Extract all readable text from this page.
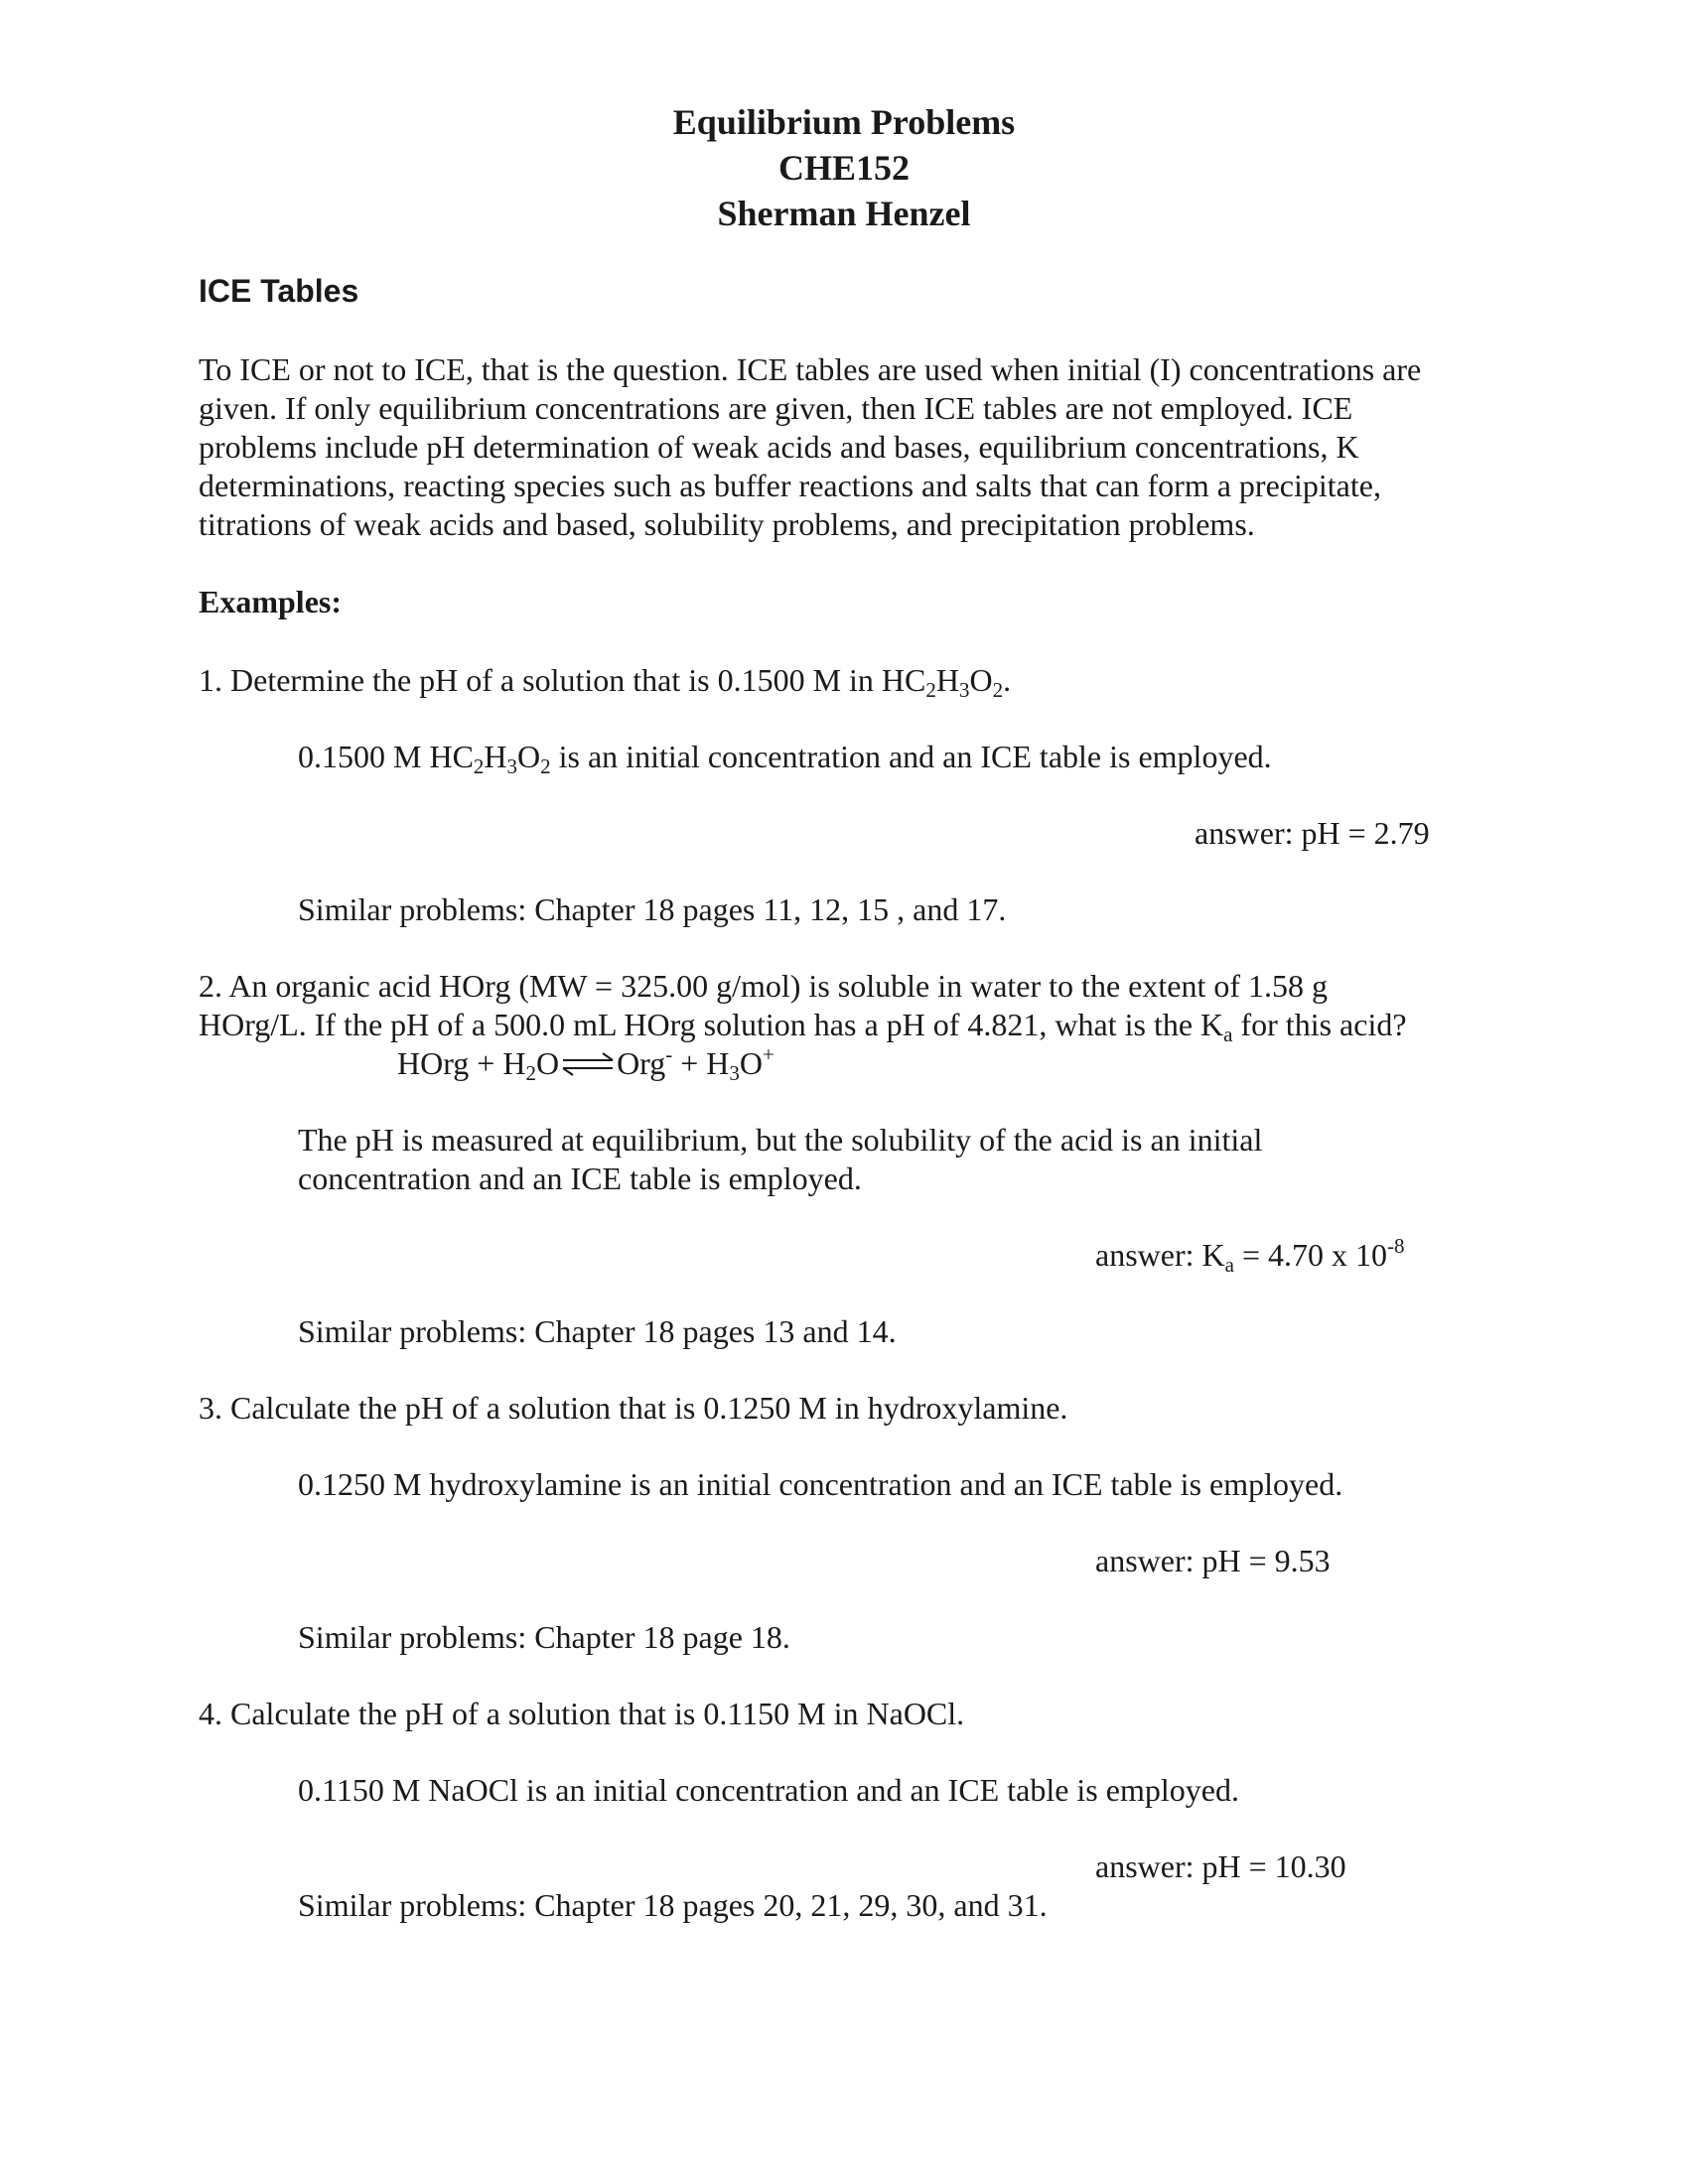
Equilibrium Problems
CHE152
Sherman Henzel
ICE Tables
To ICE or not to ICE, that is the question. ICE tables are used when initial (I) concentrations are
given. If only equilibrium concentrations are given, then ICE tables are not employed. ICE
problems include pH determination of weak acids and bases, equilibrium concentrations, K
determinations, reacting species such as buffer reactions and salts that can form a precipitate,
titrations of weak acids and based, solubility problems, and precipitation problems.
Examples:
1. Determine the pH of a solution that is 0.1500 M in $HC_2H_3O_2$.
0.1500 M $HC_2H_3O_2$ is an initial concentration and an ICE table is employed.
answer: pH = 2.79
Similar problems: Chapter 18 pages 11, 12, 15 , and 17.
2. An organic acid HOrg (MW = 325.00 g/mol) is soluble in water to the extent of 1.58 g
HOrg/L. If the pH of a 500.0 mL HOrg solution has a pH of 4.821, what is the $K_a$ for this acid?
HOrg + $H_2O\rightleftharpoons Org^- + H_3O^+$
The pH is measured at equilibrium, but the solubility of the acid is an initial
concentration and an ICE table is employed.
answer: $K_a = 4.70$ x $10^{-8}$
Similar problems: Chapter 18 pages 13 and 14.
3. Calculate the pH of a solution that is 0.1250 M in hydroxylamine.
0.1250 M hydroxylamine is an initial concentration and an ICE table is employed.
answer: pH = 9.53
Similar problems: Chapter 18 page 18.
4. Calculate the pH of a solution that is 0.1150 M in NaOCl.
0.1150 M NaOCl is an initial concentration and an ICE table is employed.
answer: pH = 10.30
Similar problems: Chapter 18 pages 20, 21, 29, 30, and 31.
